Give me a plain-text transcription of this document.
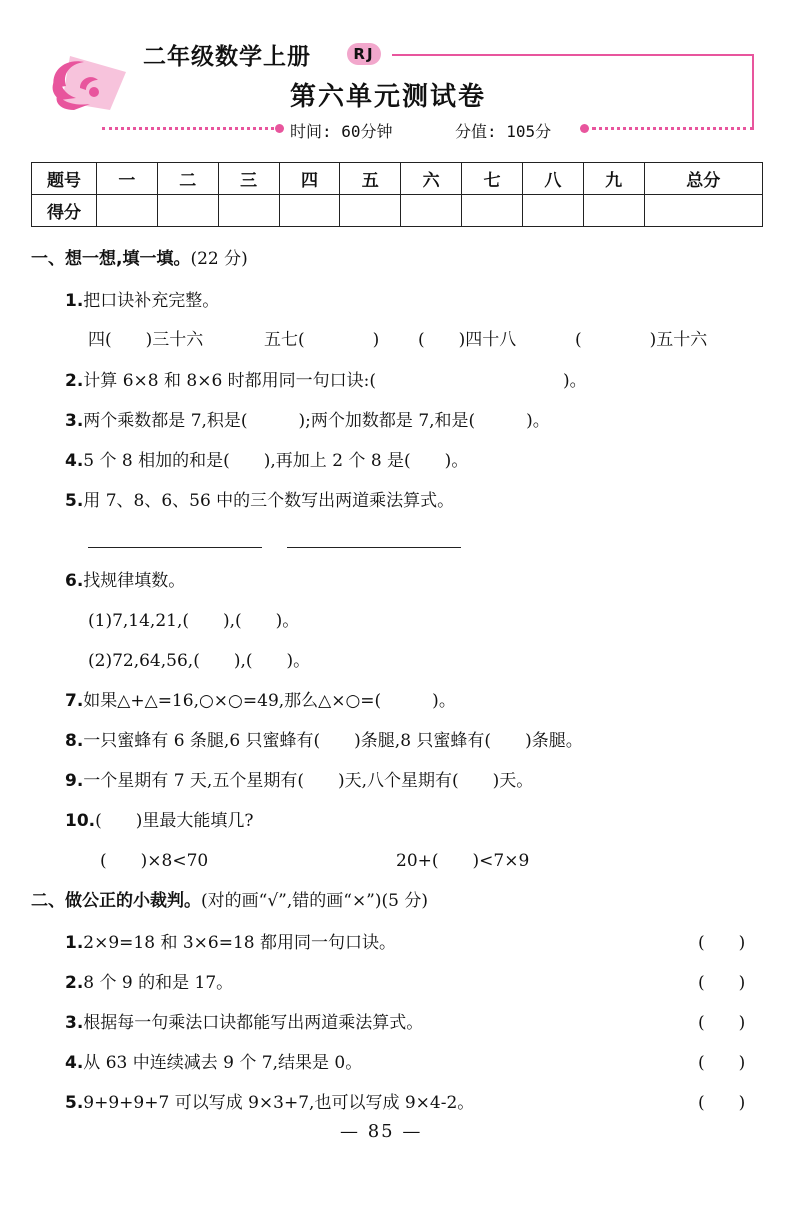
二年级数学上册	RJ
第六单元测试卷
时间: 60分钟	分值: 105分
题号	一	二	三	四	五	六	七	八	九	总分
得分										
一、想一想,填一填。(22 分)
1.把口诀补充完整。
四(　　)三十六	五七(　　　　) (　　)四十八	(　　　　)五十六
2.计算 6×8 和 8×6 时都用同一句口诀:(　　　　　　　　　　　)。
3.两个乘数都是 7,积是(　　　);两个加数都是 7,和是(　　　)。
4.5 个 8 相加的和是(　　),再加上 2 个 8 是(　　)。
5.用 7、8、6、56 中的三个数写出两道乘法算式。
6.找规律填数。
(1)7,14,21,(　　),(　　)。
(2)72,64,56,(　　),(　　)。
7.如果△+△=16,○×○=49,那么△×○=(　　　)。
8.一只蜜蜂有 6 条腿,6 只蜜蜂有(　　)条腿,8 只蜜蜂有(　　)条腿。
9.一个星期有 7 天,五个星期有(　　)天,八个星期有(　　)天。
10.(　　)里最大能填几?
(　　)×8<70	20+(　　)<7×9
二、做公正的小裁判。(对的画“√”,错的画“×”)(5 分)
1.2×9=18 和 3×6=18 都用同一句口诀。	(　　)
2.8 个 9 的和是 17。	(　　)
3.根据每一句乘法口诀都能写出两道乘法算式。	(　　)
4.从 63 中连续减去 9 个 7,结果是 0。	(　　)
5.9+9+9+7 可以写成 9×3+7,也可以写成 9×4-2。	(　　)
— 85 —
